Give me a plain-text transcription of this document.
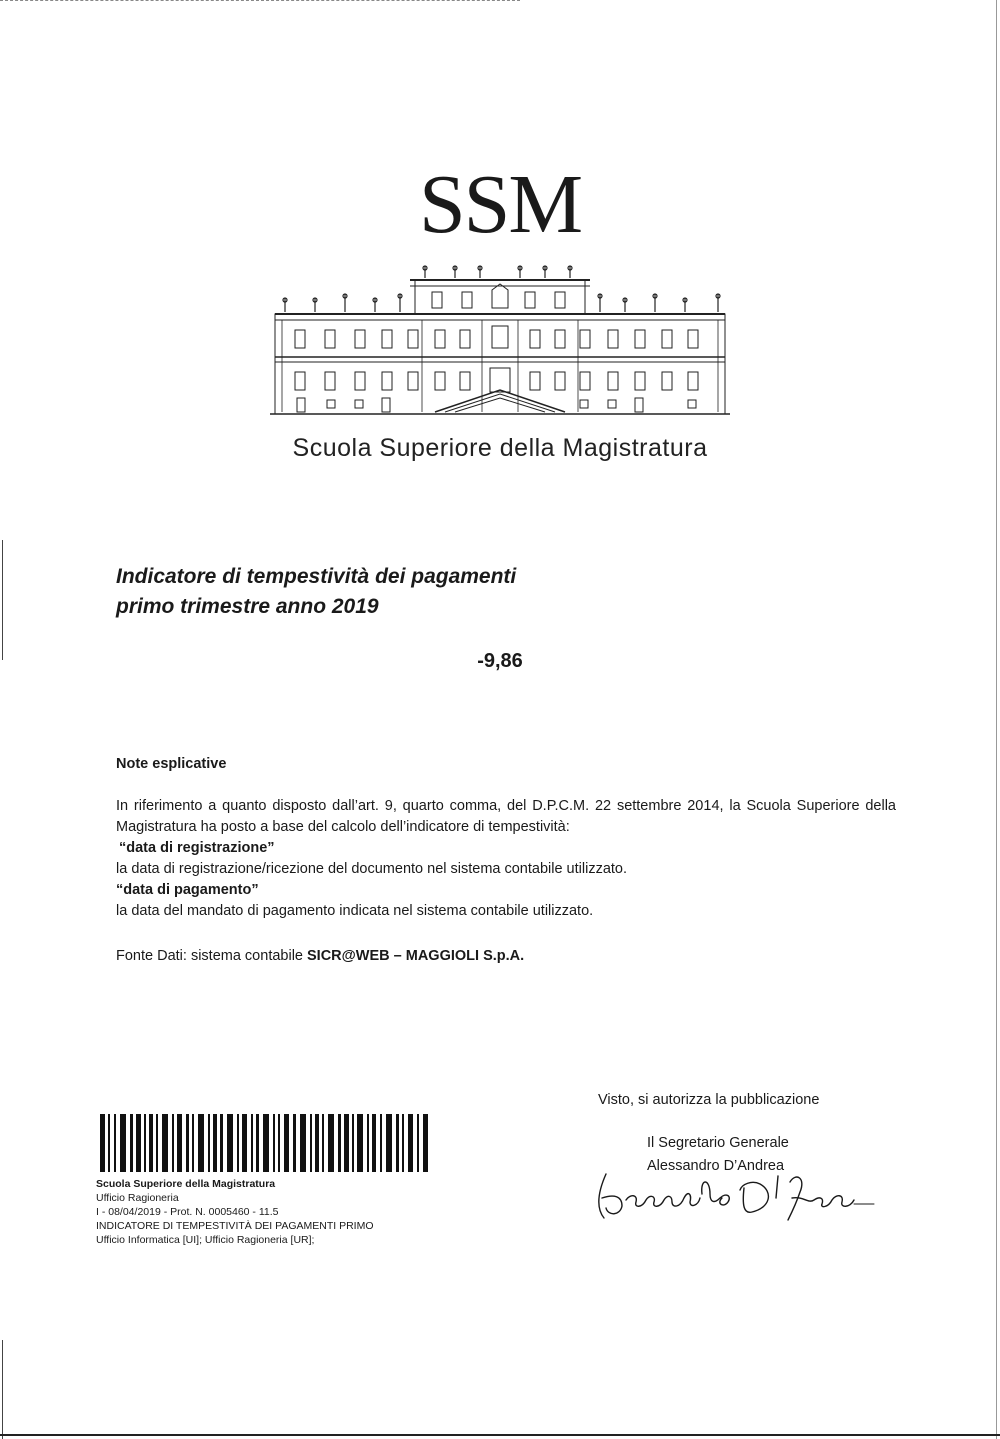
SSM
Scuola Superiore della Magistratura
Indicatore di tempestività dei pagamenti
primo trimestre anno 2019
-9,86
Note esplicative
In riferimento a quanto disposto dall’art. 9, quarto comma, del D.P.C.M. 22 settembre 2014, la Scuola Superiore della Magistratura ha posto a base del calcolo dell’indicatore di tempestività:
“data di registrazione”
la data di registrazione/ricezione del documento nel sistema contabile utilizzato.
“data di pagamento”
la data del mandato di pagamento indicata nel sistema contabile utilizzato.
Fonte Dati: sistema contabile SICR@WEB – MAGGIOLI S.p.A.
Visto, si autorizza la pubblicazione
Il Segretario Generale
Alessandro D’Andrea
Scuola Superiore della Magistratura
Ufficio Ragioneria
I - 08/04/2019 - Prot. N. 0005460 - 11.5
INDICATORE DI TEMPESTIVITÀ DEI PAGAMENTI PRIMO
Ufficio Informatica [UI]; Ufficio Ragioneria [UR];
